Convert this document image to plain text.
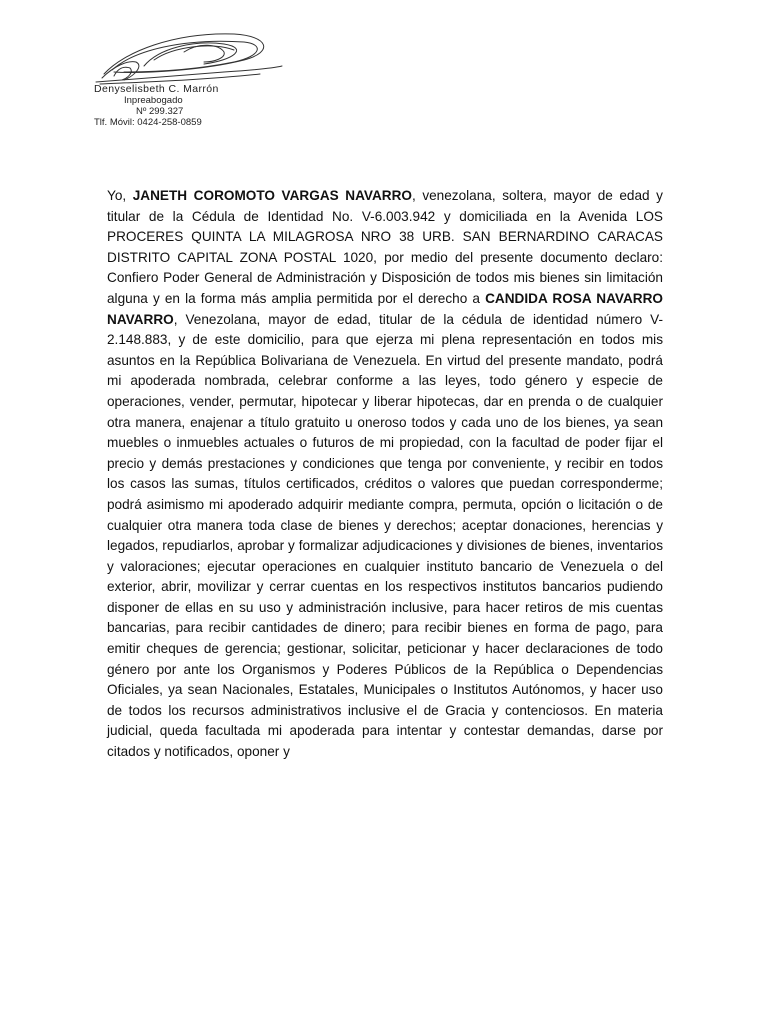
Denyselisbeth C. Marrón
Inpreabogado
Nº 299.327
Tlf. Móvil: 0424-258-0859

Yo, JANETH COROMOTO VARGAS NAVARRO, venezolana, soltera, mayor de edad y titular de la Cédula de Identidad No. V-6.003.942 y domiciliada en la Avenida LOS PROCERES QUINTA LA MILAGROSA NRO 38 URB. SAN BERNARDINO CARACAS DISTRITO CAPITAL ZONA POSTAL 1020, por medio del presente documento declaro: Confiero Poder General de Administración y Disposición de todos mis bienes sin limitación alguna y en la forma más amplia permitida por el derecho a CANDIDA ROSA NAVARRO NAVARRO, Venezolana, mayor de edad, titular de la cédula de identidad número V-2.148.883, y de este domicilio, para que ejerza mi plena representación en todos mis asuntos en la República Bolivariana de Venezuela. En virtud del presente mandato, podrá mi apoderada nombrada, celebrar conforme a las leyes, todo género y especie de operaciones, vender, permutar, hipotecar y liberar hipotecas, dar en prenda o de cualquier otra manera, enajenar a título gratuito u oneroso todos y cada uno de los bienes, ya sean muebles o inmuebles actuales o futuros de mi propiedad, con la facultad de poder fijar el precio y demás prestaciones y condiciones que tenga por conveniente, y recibir en todos los casos las sumas, títulos certificados, créditos o valores que puedan corresponderme; podrá asimismo mi apoderado adquirir mediante compra, permuta, opción o licitación o de cualquier otra manera toda clase de bienes y derechos; aceptar donaciones, herencias y legados, repudiarlos, aprobar y formalizar adjudicaciones y divisiones de bienes, inventarios y valoraciones; ejecutar operaciones en cualquier instituto bancario de Venezuela o del exterior, abrir, movilizar y cerrar cuentas en los respectivos institutos bancarios pudiendo disponer de ellas en su uso y administración inclusive, para hacer retiros de mis cuentas bancarias, para recibir cantidades de dinero; para recibir bienes en forma de pago, para emitir cheques de gerencia; gestionar, solicitar, peticionar y hacer declaraciones de todo género por ante los Organismos y Poderes Públicos de la República o Dependencias Oficiales, ya sean Nacionales, Estatales, Municipales o Institutos Autónomos, y hacer uso de todos los recursos administrativos inclusive el de Gracia y contenciosos. En materia judicial, queda facultada mi apoderada para intentar y contestar demandas, darse por citados y notificados, oponer y
